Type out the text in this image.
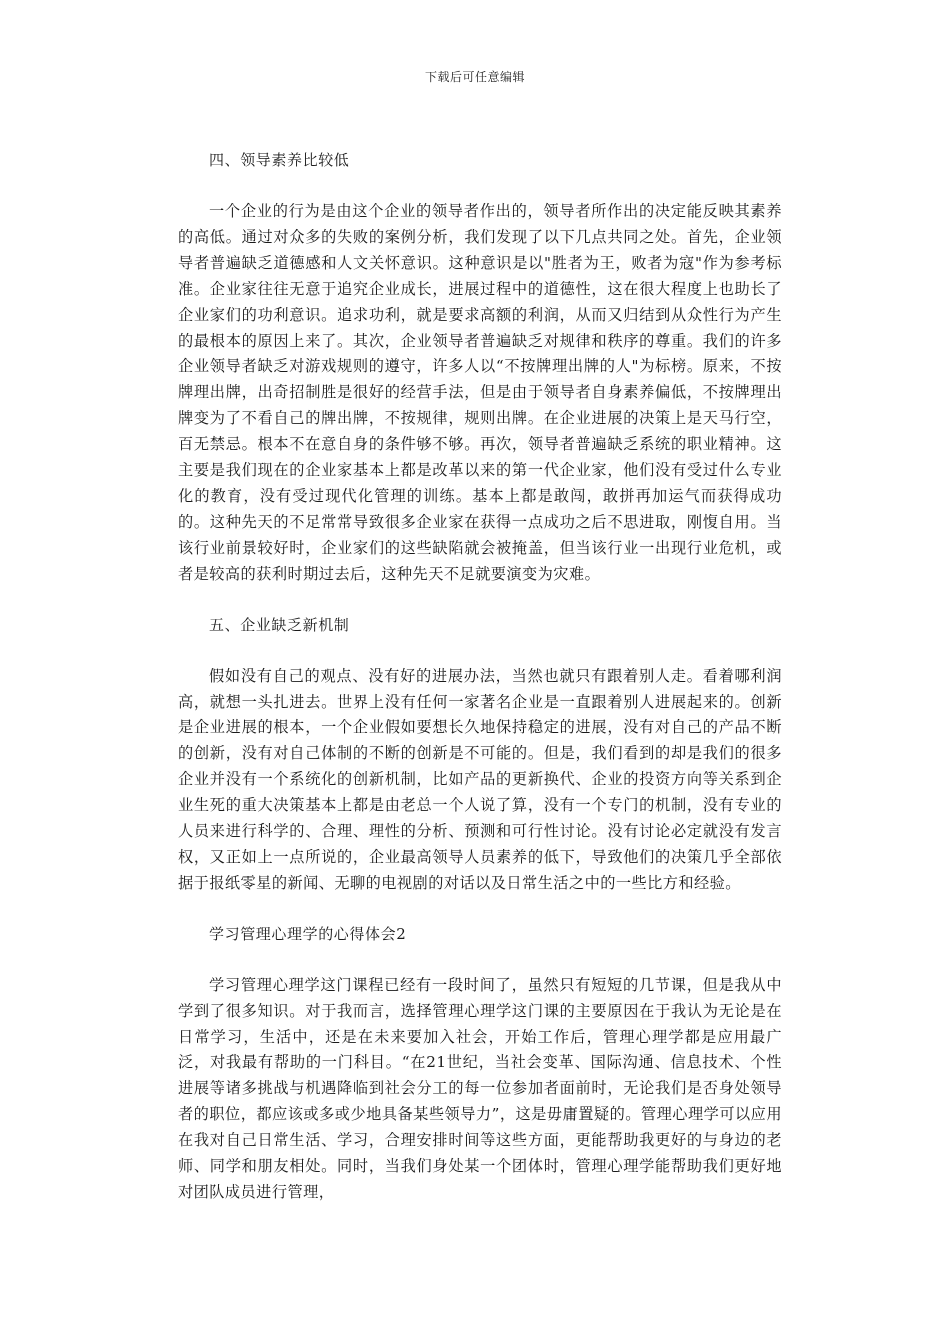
下载后可任意编辑

四、领导素养比较低

一个企业的行为是由这个企业的领导者作出的，领导者所作出的决定能反映其素养的高低。通过对众多的失败的案例分析，我们发现了以下几点共同之处。首先，企业领导者普遍缺乏道德感和人文关怀意识。这种意识是以"胜者为王，败者为寇"作为参考标准。企业家往往无意于追究企业成长，进展过程中的道德性，这在很大程度上也助长了企业家们的功利意识。追求功利，就是要求高额的利润，从而又归结到从众性行为产生的最根本的原因上来了。其次，企业领导者普遍缺乏对规律和秩序的尊重。我们的许多企业领导者缺乏对游戏规则的遵守，许多人以“不按牌理出牌的人"为标榜。原来，不按牌理出牌，出奇招制胜是很好的经营手法，但是由于领导者自身素养偏低，不按牌理出牌变为了不看自己的牌出牌，不按规律，规则出牌。在企业进展的决策上是天马行空，百无禁忌。根本不在意自身的条件够不够。再次，领导者普遍缺乏系统的职业精神。这主要是我们现在的企业家基本上都是改革以来的第一代企业家，他们没有受过什么专业化的教育，没有受过现代化管理的训练。基本上都是敢闯，敢拼再加运气而获得成功的。这种先天的不足常常导致很多企业家在获得一点成功之后不思进取，刚愎自用。当该行业前景较好时，企业家们的这些缺陷就会被掩盖，但当该行业一出现行业危机，或者是较高的获利时期过去后，这种先天不足就要演变为灾难。

五、企业缺乏新机制

假如没有自己的观点、没有好的进展办法，当然也就只有跟着别人走。看着哪利润高，就想一头扎进去。世界上没有任何一家著名企业是一直跟着别人进展起来的。创新是企业进展的根本，一个企业假如要想长久地保持稳定的进展，没有对自己的产品不断的创新，没有对自己体制的不断的创新是不可能的。但是，我们看到的却是我们的很多企业并没有一个系统化的创新机制，比如产品的更新换代、企业的投资方向等关系到企业生死的重大决策基本上都是由老总一个人说了算，没有一个专门的机制，没有专业的人员来进行科学的、合理、理性的分析、预测和可行性讨论。没有讨论必定就没有发言权，又正如上一点所说的，企业最高领导人员素养的低下，导致他们的决策几乎全部依据于报纸零星的新闻、无聊的电视剧的对话以及日常生活之中的一些比方和经验。

学习管理心理学的心得体会2

学习管理心理学这门课程已经有一段时间了，虽然只有短短的几节课，但是我从中学到了很多知识。对于我而言，选择管理心理学这门课的主要原因在于我认为无论是在日常学习，生活中，还是在未来要加入社会，开始工作后，管理心理学都是应用最广泛，对我最有帮助的一门科目。“在21世纪，当社会变革、国际沟通、信息技术、个性进展等诸多挑战与机遇降临到社会分工的每一位参加者面前时，无论我们是否身处领导者的职位，都应该或多或少地具备某些领导力”，这是毋庸置疑的。管理心理学可以应用在我对自己日常生活、学习，合理安排时间等这些方面，更能帮助我更好的与身边的老师、同学和朋友相处。同时，当我们身处某一个团体时，管理心理学能帮助我们更好地对团队成员进行管理，
